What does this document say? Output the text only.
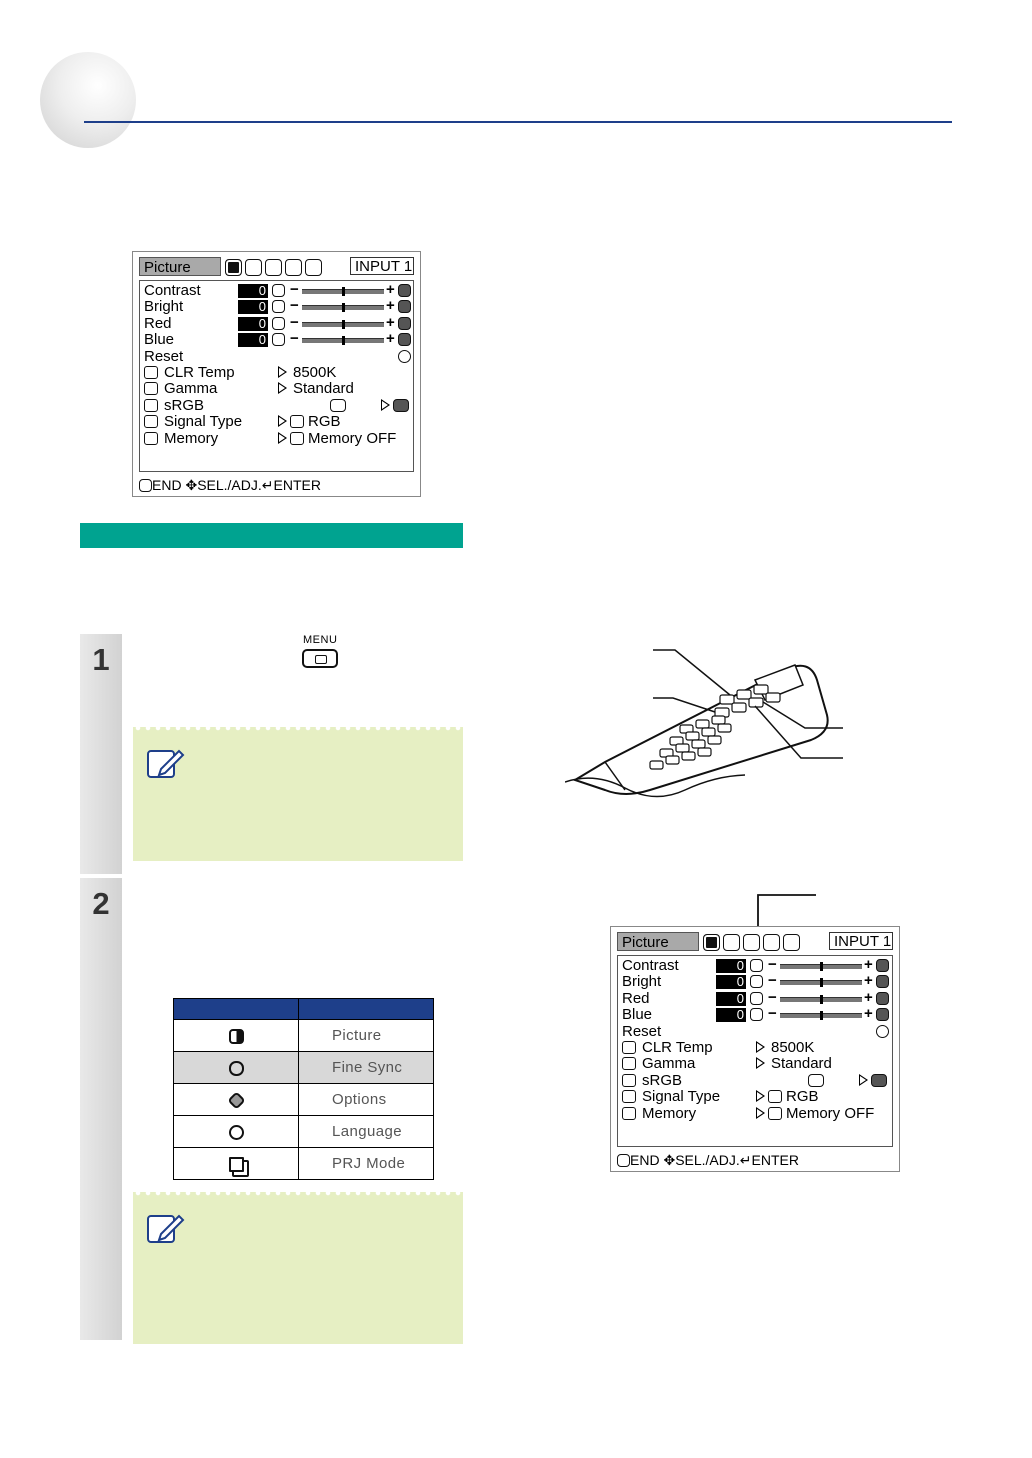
Picture	INPUT 1
Contrast	0 −	+
Bright	0 −	+
Red	0 −	+
Blue	0 −	+
Reset
CLR Temp	8500K
Gamma	Standard
sRGB
Signal Type	RGB
Memory	Memory OFF
END ✥SEL./ADJ.↵ENTER
1
MENU
2

	Picture
	Fine Sync
	Options
	Language
	PRJ Mode
Picture	INPUT 1
Contrast	0 −	+
Bright	0 −	+
Red	0 −	+
Blue	0 −	+
Reset
CLR Temp	8500K
Gamma	Standard
sRGB
Signal Type	RGB
Memory	Memory OFF
END ✥SEL./ADJ.↵ENTER
